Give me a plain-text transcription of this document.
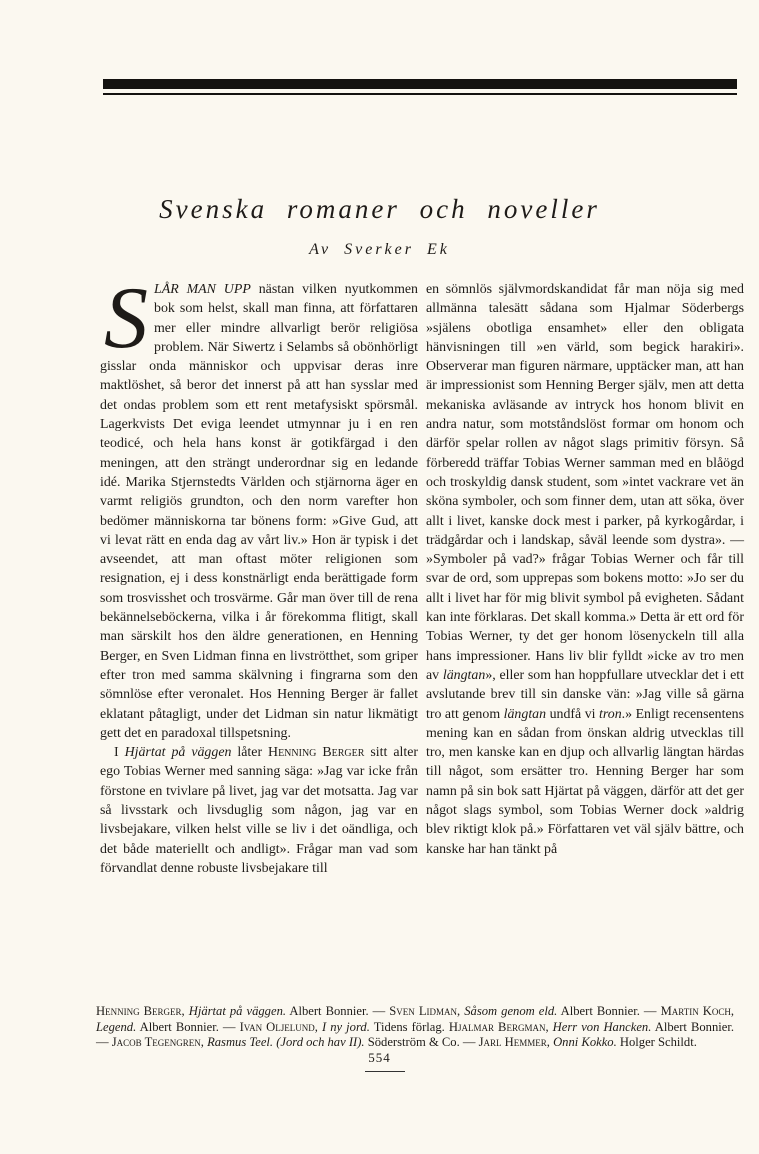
Svenska romaner och noveller
Av Sverker Ek

SLÅR MAN UPP nästan vilken nyutkommen bok som helst, skall man finna, att författaren mer eller mindre allvarligt berör religiösa problem. När Siwertz i Selambs så obönhörligt gisslar onda människor och uppvisar deras inre maktlöshet, så beror det innerst på att han sysslar med det ondas problem som ett rent metafysiskt spörsmål. Lagerkvists Det eviga leendet utmynnar ju i en ren teodicé, och hela hans konst är gotikfärgad i den meningen, att den strängt underordnar sig en ledande idé. Marika Stjernstedts Världen och stjärnorna äger en varmt religiös grundton, och den norm varefter hon bedömer människorna tar bönens form: »Give Gud, att vi levat rätt en enda dag av vårt liv.» Hon är typisk i det avseendet, att man oftast möter religionen som resignation, ej i dess konstnärligt enda berättigade form som trosvisshet och trosvärme. Går man över till de rena bekännelseböckerna, vilka i år förekomma flitigt, skall man särskilt hos den äldre generationen, en Henning Berger, en Sven Lidman finna en livströtthet, som griper efter tron med samma skälvning i fingrarna som den sömnlöse efter veronalet. Hos Henning Berger är fallet eklatant påtagligt, under det Lidman sin natur likmätigt gett det en paradoxal tillspetsning.

I Hjärtat på väggen låter Henning Berger sitt alter ego Tobias Werner med sanning säga: »Jag var icke från förstone en tvivlare på livet, jag var det motsatta. Jag var så livsstark och livsduglig som någon, jag var en livsbejakare, vilken helst ville se liv i det oändliga, och det både materiellt och andligt». Frågar man vad som förvandlat denne robuste livsbejakare till

en sömnlös självmordskandidat får man nöja sig med allmänna talesätt sådana som Hjalmar Söderbergs »själens obotliga ensamhet» eller den obligata hänvisningen till »en värld, som begick harakiri». Observerar man figuren närmare, upptäcker man, att han är impressionist som Henning Berger själv, men att detta mekaniska avläsande av intryck hos honom blivit en andra natur, som motståndslöst formar om honom och därför spelar rollen av något slags primitiv försyn. Så förberedd träffar Tobias Werner samman med en blåögd och troskyldig dansk student, som »intet vackrare vet än sköna symboler, och som finner dem, utan att söka, över allt i livet, kanske dock mest i parker, på kyrkogårdar, i trädgårdar och i landskap, såväl leende som dystra». — »Symboler på vad?» frågar Tobias Werner och får till svar de ord, som upprepas som bokens motto: »Jo ser du allt i livet har för mig blivit symbol på evigheten. Sådant kan inte förklaras. Det skall komma.» Detta är ett ord för Tobias Werner, ty det ger honom lösenyckeln till alla hans impressioner. Hans liv blir fylldt »icke av tro men av längtan», eller som han hoppfullare utvecklar det i ett avslutande brev till sin danske vän: »Jag ville så gärna tro att genom längtan undfå vi tron.» Enligt recensentens mening kan en sådan from önskan aldrig utvecklas till tro, men kanske kan en djup och allvarlig längtan härdas till något, som ersätter tro. Henning Berger har som namn på sin bok satt Hjärtat på väggen, därför att det ger något slags symbol, som Tobias Werner dock »aldrig blev riktigt klok på.» Författaren vet väl själv bättre, och kanske har han tänkt på

Henning Berger, Hjärtat på väggen. Albert Bonnier. — Sven Lidman, Såsom genom eld. Albert Bonnier. — Martin Koch, Legend. Albert Bonnier. — Ivan Oljelund, I ny jord. Tidens förlag. Hjalmar Bergman, Herr von Hancken. Albert Bonnier. — Jacob Tegengren, Rasmus Teel. (Jord och hav II). Söderström & Co. — Jarl Hemmer, Onni Kokko. Holger Schildt.
554
